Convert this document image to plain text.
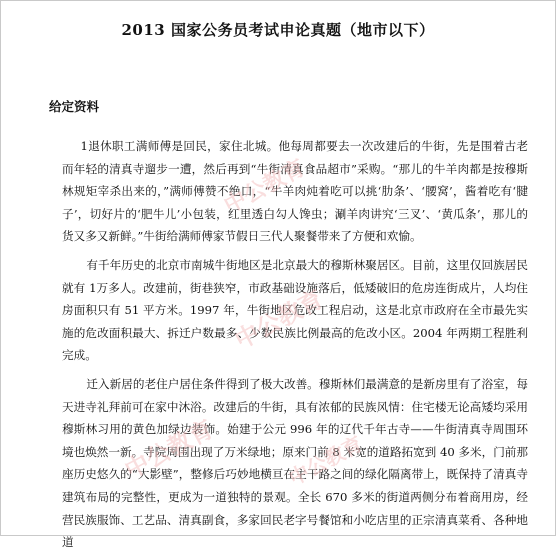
2013 国家公务员考试申论真题（地市以下）
给定资料

1退休职工满师傅是回民，家住北城。他每周都要去一次改建后的牛街，先是围着古老而年轻的清真寺遛步一遭，然后再到“牛街清真食品超市”采购。“那儿的牛羊肉都是按穆斯林规矩宰杀出来的，”满师傅赞不绝口，“牛羊肉炖着吃可以挑‘肋条’、‘腰窝’，酱着吃有‘腱子’，切好片的‘肥牛儿’小包装，红里透白勾人馋虫；涮羊肉讲究‘三叉’、‘黄瓜条’，那儿的货又多又新鲜。”牛街给满师傅家节假日三代人聚餐带来了方便和欢愉。

有千年历史的北京市南城牛街地区是北京最大的穆斯林聚居区。目前，这里仅回族居民就有 1万多人。改建前，街巷狭窄，市政基础设施落后，低矮破旧的危房连街成片，人均住房面积只有 51 平方米。1997 年，牛街地区危改工程启动，这是北京市政府在全市最先实施的危改面积最大、拆迁户数最多、少数民族比例最高的危改小区。2004 年两期工程胜利完成。

迁入新居的老住户居住条件得到了极大改善。穆斯林们最满意的是新房里有了浴室，每天进寺礼拜前可在家中沐浴。改建后的牛街，具有浓郁的民族风情：住宅楼无论高矮均采用穆斯林习用的黄色加绿边装饰。始建于公元 996 年的辽代千年古寺——牛街清真寺周围环境也焕然一新。寺院周围出现了万米绿地；原来门前 8 米宽的道路拓宽到 40 多米，门前那座历史悠久的“大影壁”，整修后巧妙地横亘在主干路之间的绿化隔离带上，既保持了清真寺建筑布局的完整性，更成为一道独特的景观。全长 670 多米的街道两侧分布着商用房，经营民族服饰、工艺品、清真副食，多家回民老字号餐馆和小吃店里的正宗清真菜肴、各种地道

中公教育
中公教育
中公教育	中公教育
